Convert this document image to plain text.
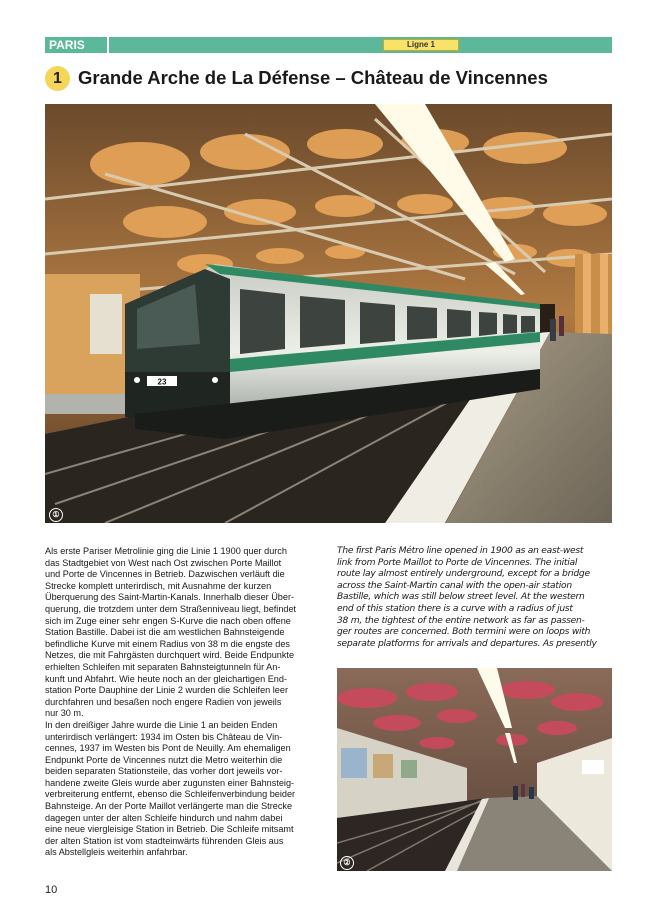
PARIS	Ligne 1
1 Grande Arche de La Défense – Château de Vincennes
23
①
②
Als erste Pariser Metrolinie ging die Linie 1 1900 quer durch
das Stadtgebiet von West nach Ost zwischen Porte Maillot
und Porte de Vincennes in Betrieb. Dazwischen verläuft die
Strecke komplett unterirdisch, mit Ausnahme der kurzen
Überquerung des Saint-Martin-Kanals. Innerhalb dieser Über-
querung, die trotzdem unter dem Straßenniveau liegt, befindet
sich im Zuge einer sehr engen S-Kurve die nach oben offene
Station Bastille. Dabei ist die am westlichen Bahnsteigende
befindliche Kurve mit einem Radius von 38 m die engste des
Netzes, die mit Fahrgästen durchquert wird. Beide Endpunkte
erhielten Schleifen mit separaten Bahnsteigtunneln für An-
kunft und Abfahrt. Wie heute noch an der gleichartigen End-
station Porte Dauphine der Linie 2 wurden die Schleifen leer
durchfahren und besaßen noch engere Radien von jeweils
nur 30 m.
In den dreißiger Jahre wurde die Linie 1 an beiden Enden
unterirdisch verlängert: 1934 im Osten bis Château de Vin-
cennes, 1937 im Westen bis Pont de Neuilly. Am ehemaligen
Endpunkt Porte de Vincennes nutzt die Metro weiterhin die
beiden separaten Stationsteile, das vorher dort jeweils vor-
handene zweite Gleis wurde aber zugunsten einer Bahnsteig-
verbreiterung entfernt, ebenso die Schleifenverbindung beider
Bahnsteige. An der Porte Maillot verlängerte man die Strecke
dagegen unter der alten Schleife hindurch und nahm dabei
eine neue viergleisige Station in Betrieb. Die Schleife mitsamt
der alten Station ist vom stadteinwärts führenden Gleis aus
als Abstellgleis weiterhin anfahrbar.
The first Paris Métro line opened in 1900 as an east-west
link from Porte Maillot to Porte de Vincennes. The initial
route lay almost entirely underground, except for a bridge
across the Saint-Martin canal with the open-air station
Bastille, which was still below street level. At the western
end of this station there is a curve with a radius of just
38 m, the tightest of the entire network as far as passen-
ger routes are concerned. Both termini were on loops with
separate platforms for arrivals and departures. As presently
10
